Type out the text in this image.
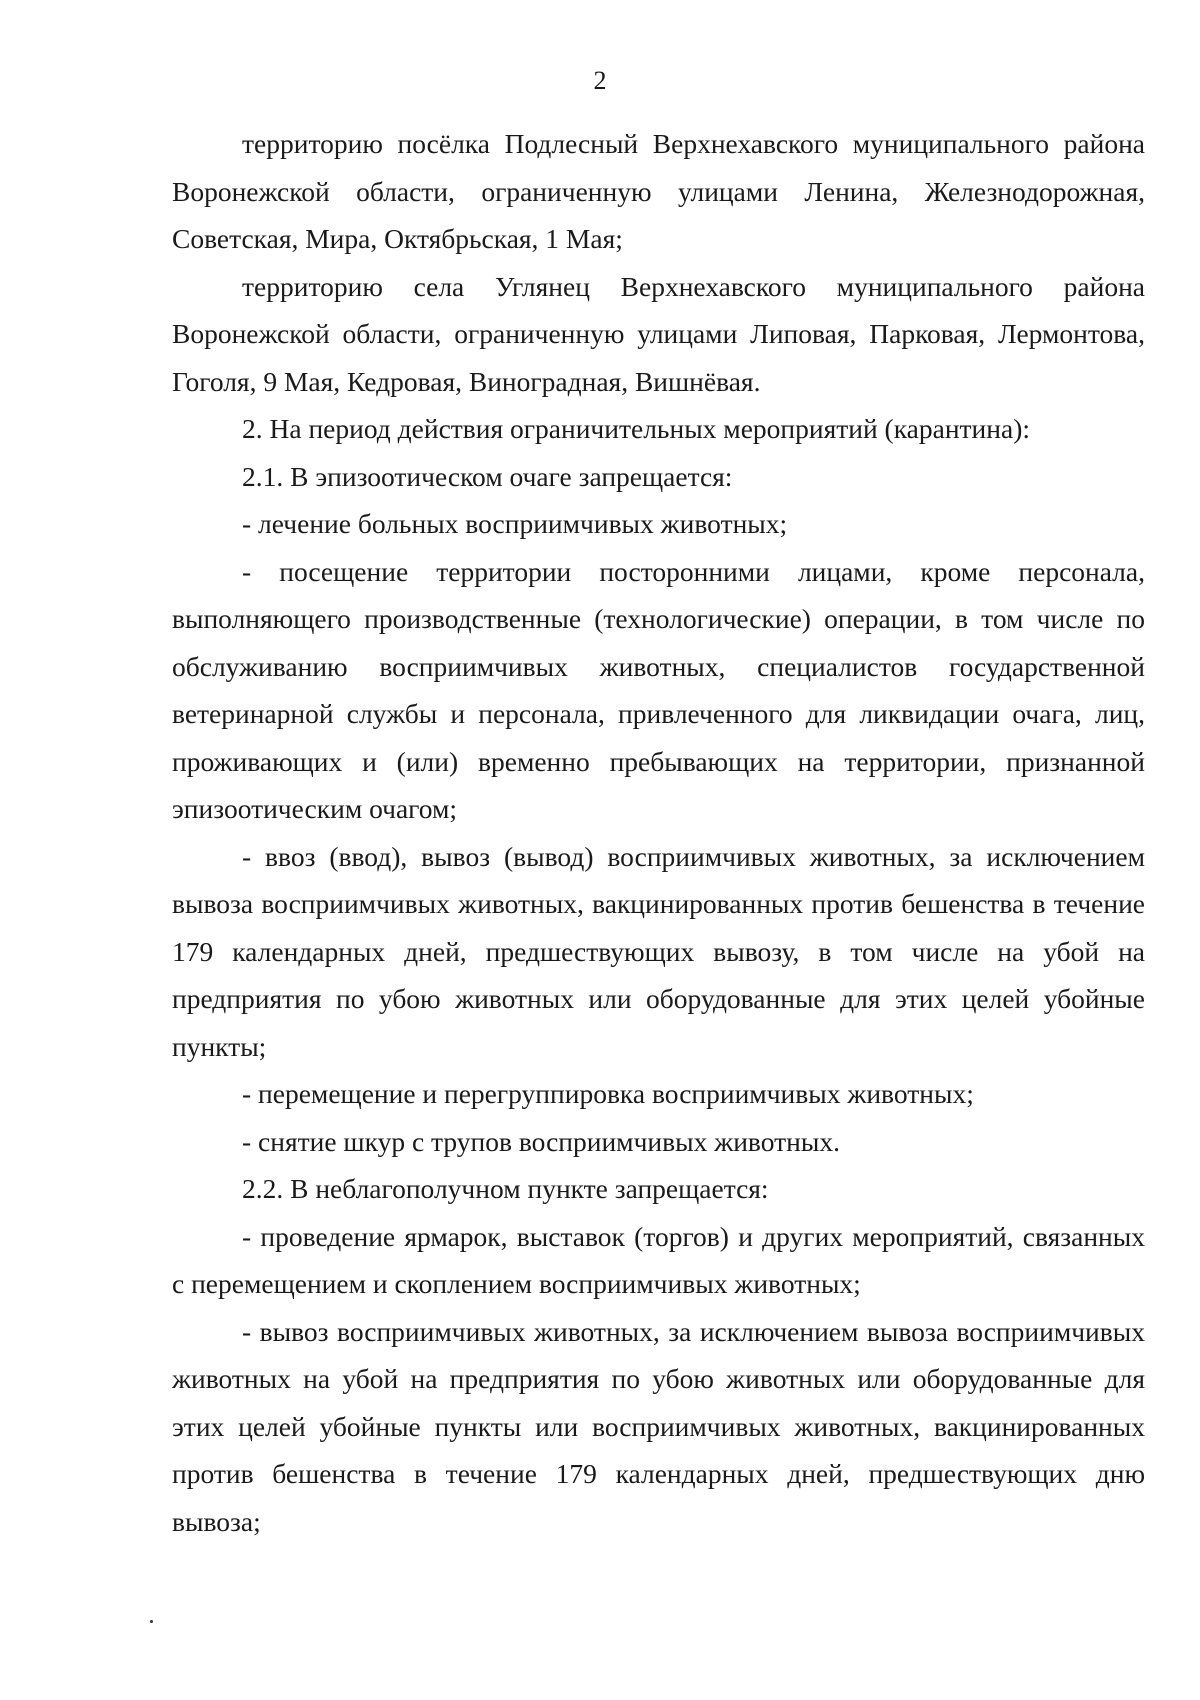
2

территорию посёлка Подлесный Верхнехавского муниципального района Воронежской области, ограниченную улицами Ленина, Железнодорожная, Советская, Мира, Октябрьская, 1 Мая;

территорию села Углянец Верхнехавского муниципального района Воронежской области, ограниченную улицами Липовая, Парковая, Лермонтова, Гоголя, 9 Мая, Кедровая, Виноградная, Вишнёвая.

2. На период действия ограничительных мероприятий (карантина):

2.1. В эпизоотическом очаге запрещается:

- лечение больных восприимчивых животных;

- посещение территории посторонними лицами, кроме персонала, выполняющего производственные (технологические) операции, в том числе по обслуживанию восприимчивых животных, специалистов государственной ветеринарной службы и персонала, привлеченного для ликвидации очага, лиц, проживающих и (или) временно пребывающих на территории, признанной эпизоотическим очагом;

- ввоз (ввод), вывоз (вывод) восприимчивых животных, за исключением вывоза восприимчивых животных, вакцинированных против бешенства в течение 179 календарных дней, предшествующих вывозу, в том числе на убой на предприятия по убою животных или оборудованные для этих целей убойные пункты;

- перемещение и перегруппировка восприимчивых животных;

- снятие шкур с трупов восприимчивых животных.

2.2. В неблагополучном пункте запрещается:

- проведение ярмарок, выставок (торгов) и других мероприятий, связанных с перемещением и скоплением восприимчивых животных;

- вывоз восприимчивых животных, за исключением вывоза восприимчивых животных на убой на предприятия по убою животных или оборудованные для этих целей убойные пункты или восприимчивых животных, вакцинированных против бешенства в течение 179 календарных дней, предшествующих дню вывоза;
